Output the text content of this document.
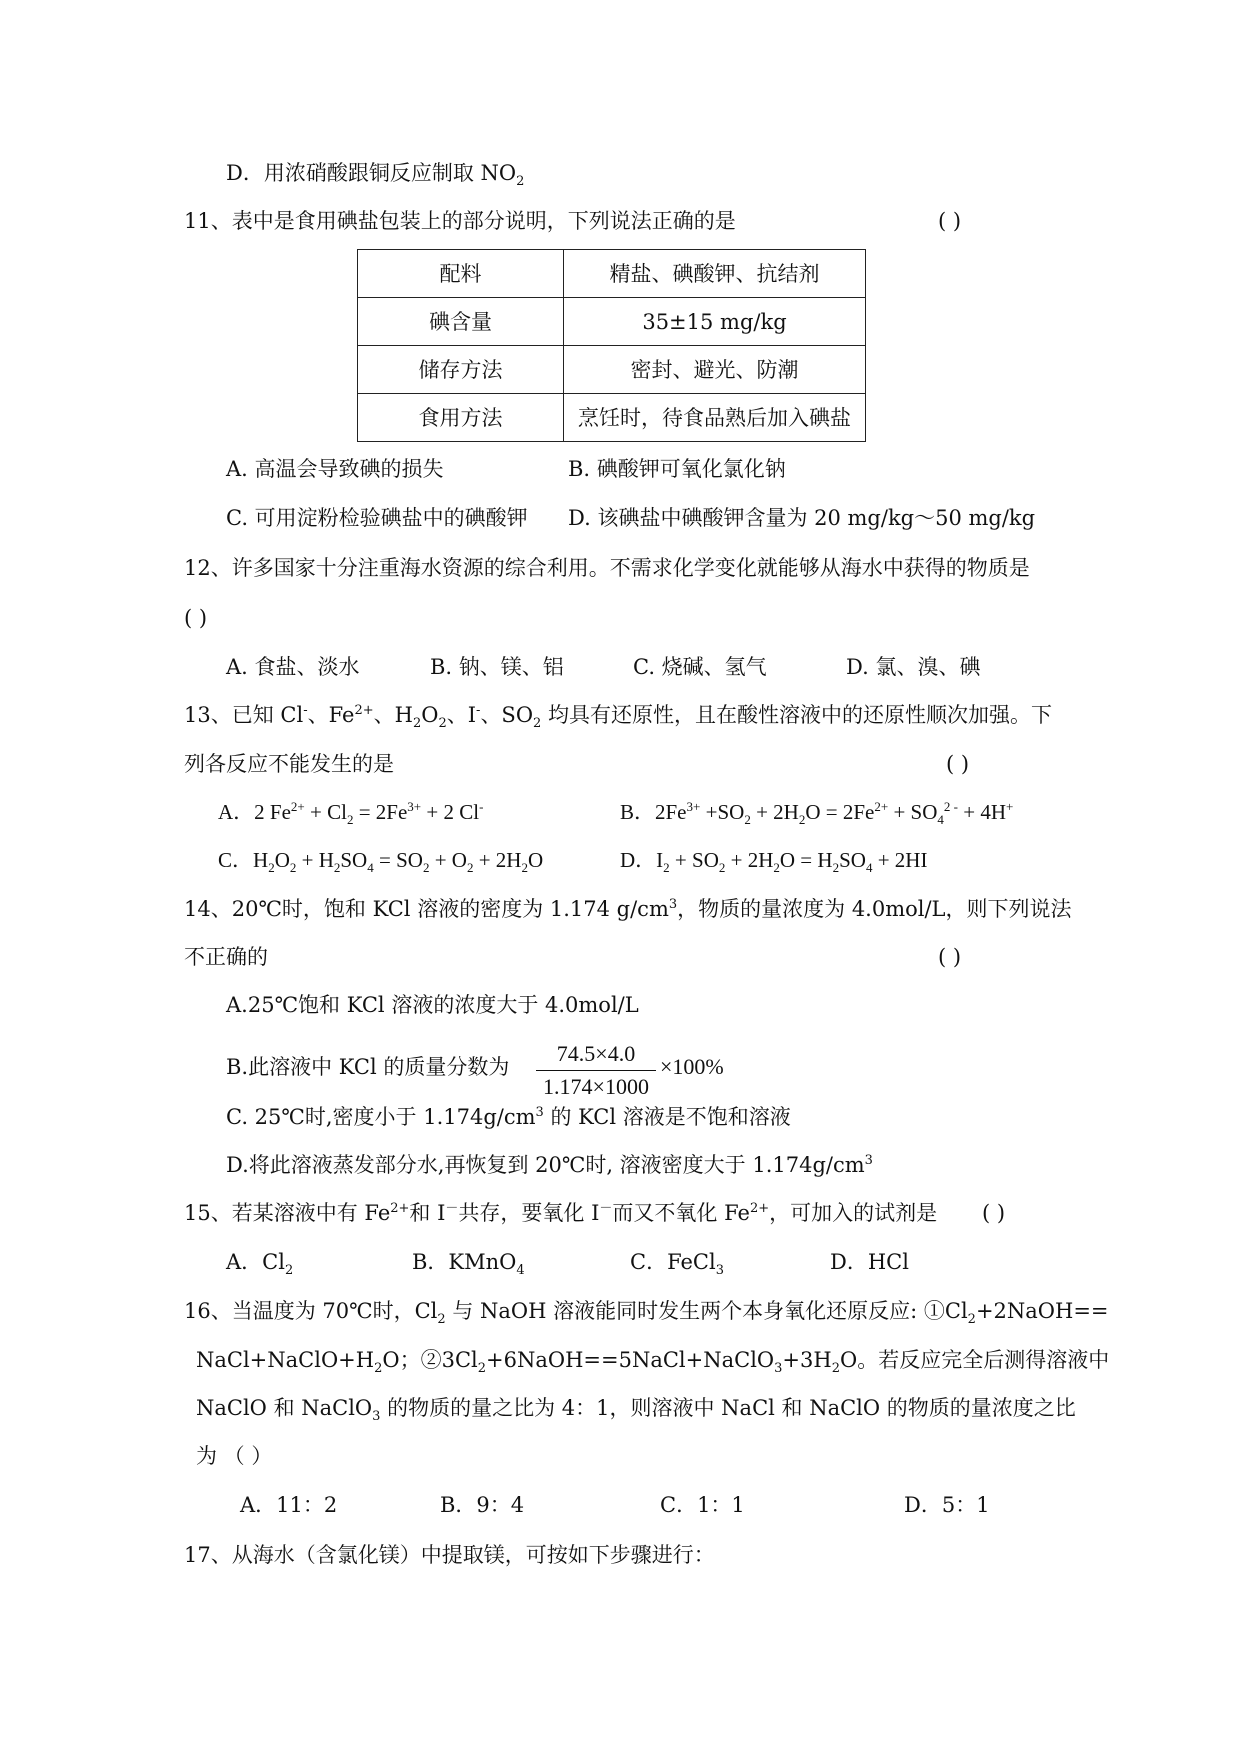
D．用浓硝酸跟铜反应制取 $NO_2$
11、表中是食用碘盐包装上的部分说明，下列说法正确的是	( )
配料	精盐、碘酸钾、抗结剂
碘含量	35±15 mg/kg
储存方法	密封、避光、防潮
食用方法	烹饪时，待食品熟后加入碘盐
A. 高温会导致碘的损失	B. 碘酸钾可氧化氯化钠
C. 可用淀粉检验碘盐中的碘酸钾 D. 该碘盐中碘酸钾含量为 20 mg/kg～50 mg/kg
12、许多国家十分注重海水资源的综合利用。不需求化学变化就能够从海水中获得的物质是
( )
A. 食盐、淡水	B. 钠、镁、铝	C. 烧碱、氢气	D. 氯、溴、碘
13、已知 Cl-、$Fe^{2+}$、$H_2O_2$、I-、$SO_2$ 均具有还原性，且在酸性溶液中的还原性顺次加强。下
列各反应不能发生的是	( )
A．2 $Fe^{2+} + Cl_2 = 2Fe^{3+} + 2$ Cl-	B．$2Fe^{3+} +SO_2 + 2H_2O = 2Fe^{2+} + SO_4^{2 -} + 4H^+$
C．$H_2O_2 + H_2SO_4 = SO_2 + O_2 + 2H_2O$	D．$I_2 + SO_2 + 2H_2O = H_2SO_4 + 2HI$
14、20℃时，饱和 KCl 溶液的密度为 1.174 $g/cm^3$，物质的量浓度为 4.0mol/L，则下列说法
不正确的	( )
A.25℃饱和 KCl 溶液的浓度大于 4.0mol/L
B.此溶液中 KCl 的质量分数为
74.5×4.0
1.174×1000
×100%
C. 25℃时,密度小于 $1.174g/cm^3$ 的 KCl 溶液是不饱和溶液
D.将此溶液蒸发部分水,再恢复到 20℃时, 溶液密度大于 $1.174g/cm^3$
15、若某溶液中有 $Fe^{2+}$和 I－共存，要氧化 I－而又不氧化 $Fe^{2+}$，可加入的试剂是 ( )
A．$Cl_2$	B．KMnO$_4$	C．FeCl$_3$	D．HCl
16、当温度为 70℃时，$Cl_2$ 与 NaOH 溶液能同时发生两个本身氧化还原反应: $①Cl_2+2NaOH==$
$NaCl+NaClO+H_2O$；$②3Cl_2+6NaOH==5NaCl+NaClO_3+3H_2O$。若反应完全后测得溶液中
NaClO 和 NaClO$_3$ 的物质的量之比为 4：1，则溶液中 NaCl 和 NaClO 的物质的量浓度之比
为 （ ）
A．11：2	B．9：4	C．1：1	D．5：1
17、从海水（含氯化镁）中提取镁，可按如下步骤进行：
